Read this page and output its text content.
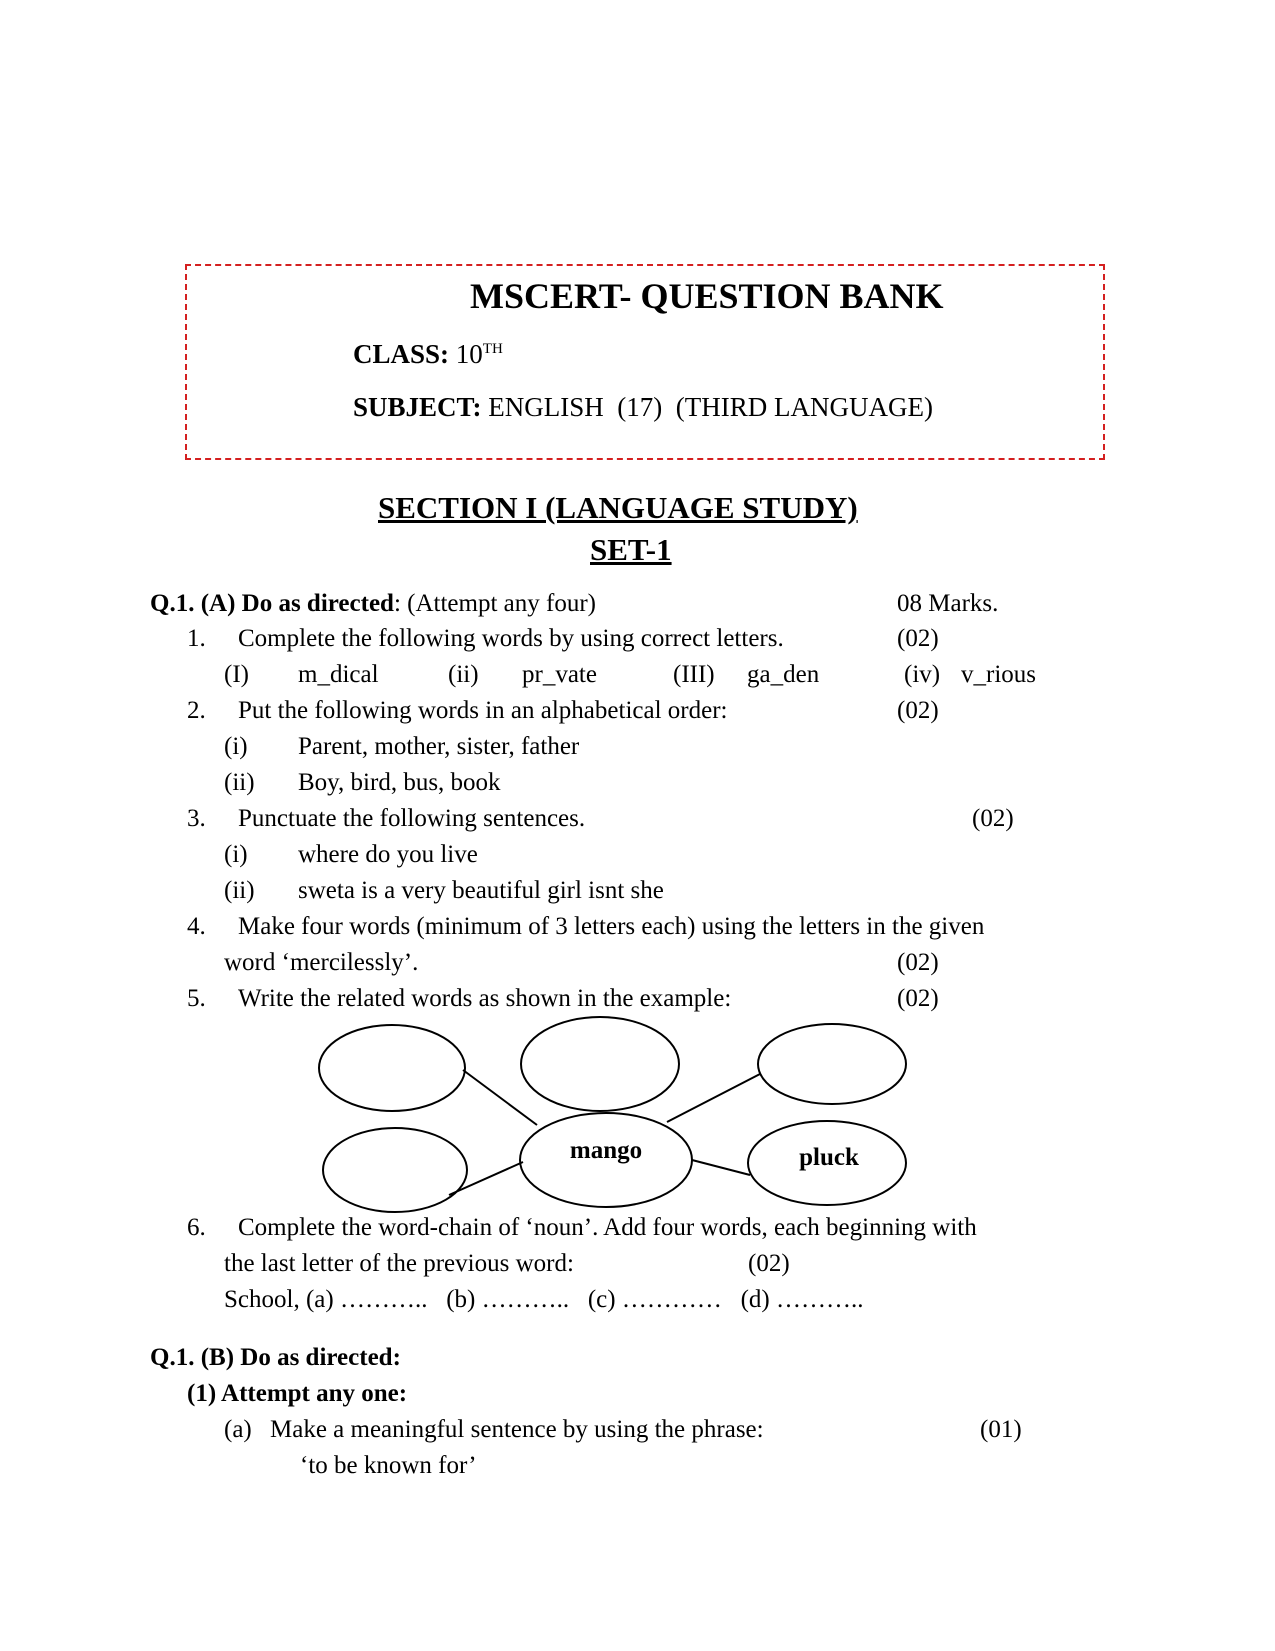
MSCERT- QUESTION BANK
CLASS: 10TH
SUBJECT: ENGLISH  (17)  (THIRD LANGUAGE)
SECTION I (LANGUAGE STUDY)
SET-1
Q.1. (A) Do as directed: (Attempt any four)	08 Marks.
1. Complete the following words by using correct letters.	(02)
(I) m_dical	(ii) pr_vate	(III) ga_den	(iv) v_rious
2. Put the following words in an alphabetical order:	(02)
(i) Parent, mother, sister, father
(ii) Boy, bird, bus, book
3. Punctuate the following sentences.	(02)
(i) where do you live
(ii) sweta is a very beautiful girl isnt she
4. Make four words (minimum of 3 letters each) using the letters in the given
word ‘mercilessly’.	(02)
5. Write the related words as shown in the example:	(02)
mango	pluck
6. Complete the word-chain of ‘noun’. Add four words, each beginning with
the last letter of the previous word:	(02)
School, (a) ………..   (b) ………..   (c) …………   (d) ………..
Q.1. (B) Do as directed:
(1) Attempt any one:
(a) Make a meaningful sentence by using the phrase:	(01)
‘to be known for’
